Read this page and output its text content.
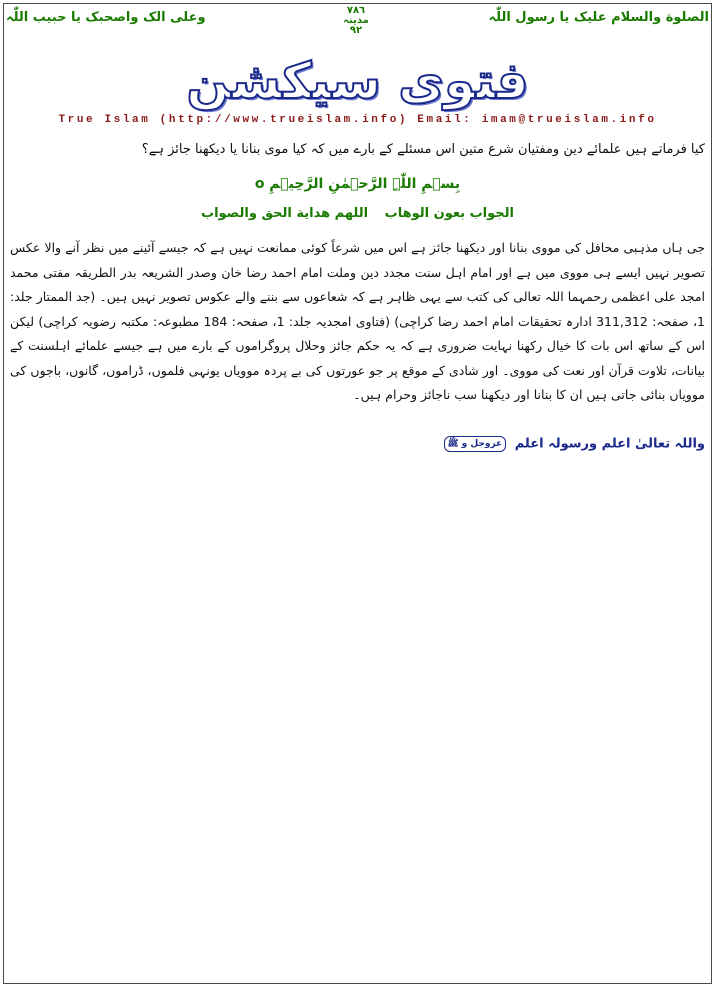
الصلوة والسلام علیک یا رسول اللّٰہ
٧٨٦
مدینہ
٩٢
وعلی الک واصحبک یا حبیب اللّٰہ
فتوی سیکشن
True Islam (http://www.trueislam.info) Email: imam@trueislam.info
کیا فرماتے ہیں علمائے دین ومفتیان شرع متین اس مسئلے کے بارے میں کہ کیا موی بنانا یا دیکھنا جائز ہے؟
بِسۡمِ اللّٰہِ الرَّحۡمٰنِ الرَّحِیۡمِ o
الجواب بعون الوهاب اللهم هداية الحق والصواب
جی ہاں مذہبی محافل کی مووی بنانا اور دیکھنا جائز ہے اس میں شرعاً کوئی ممانعت نہیں ہے کہ جیسے آئینے میں نظر آنے والا عکس تصویر نہیں ایسے ہی مووی میں ہے اور امام اہل سنت مجدد دین وملت امام احمد رضا خان وصدر الشریعہ بدر الطریقہ مفتی محمد امجد علی اعظمی رحمہما اللہ تعالی کی کتب سے یہی ظاہر ہے کہ شعاعوں سے بننے والے عکوس تصویر نہیں ہیں۔ (جد الممتار جلد: 1، صفحہ: 311,312 ادارہ تحقیقات امام احمد رضا کراچی) (فتاوی امجدیہ جلد: 1، صفحہ: 184 مطبوعہ: مکتبہ رضویہ کراچی) لیکن اس کے ساتھ اس بات کا خیال رکھنا نہایت ضروری ہے کہ یہ حکم جائز وحلال پروگراموں کے بارے میں ہے جیسے علمائے اہلسنت کے بیانات، تلاوت قرآن اور نعت کی مووی۔ اور شادی کے موقع پر جو عورتوں کی بے پردہ موویاں یونہی فلموں، ڈراموں، گانوں، باجوں کی موویاں بنائی جاتی ہیں ان کا بنانا اور دیکھنا سب ناجائز وحرام ہیں۔
واللہ تعالیٰ اعلم ورسولہ اعلم عزوجل و ﷺ
